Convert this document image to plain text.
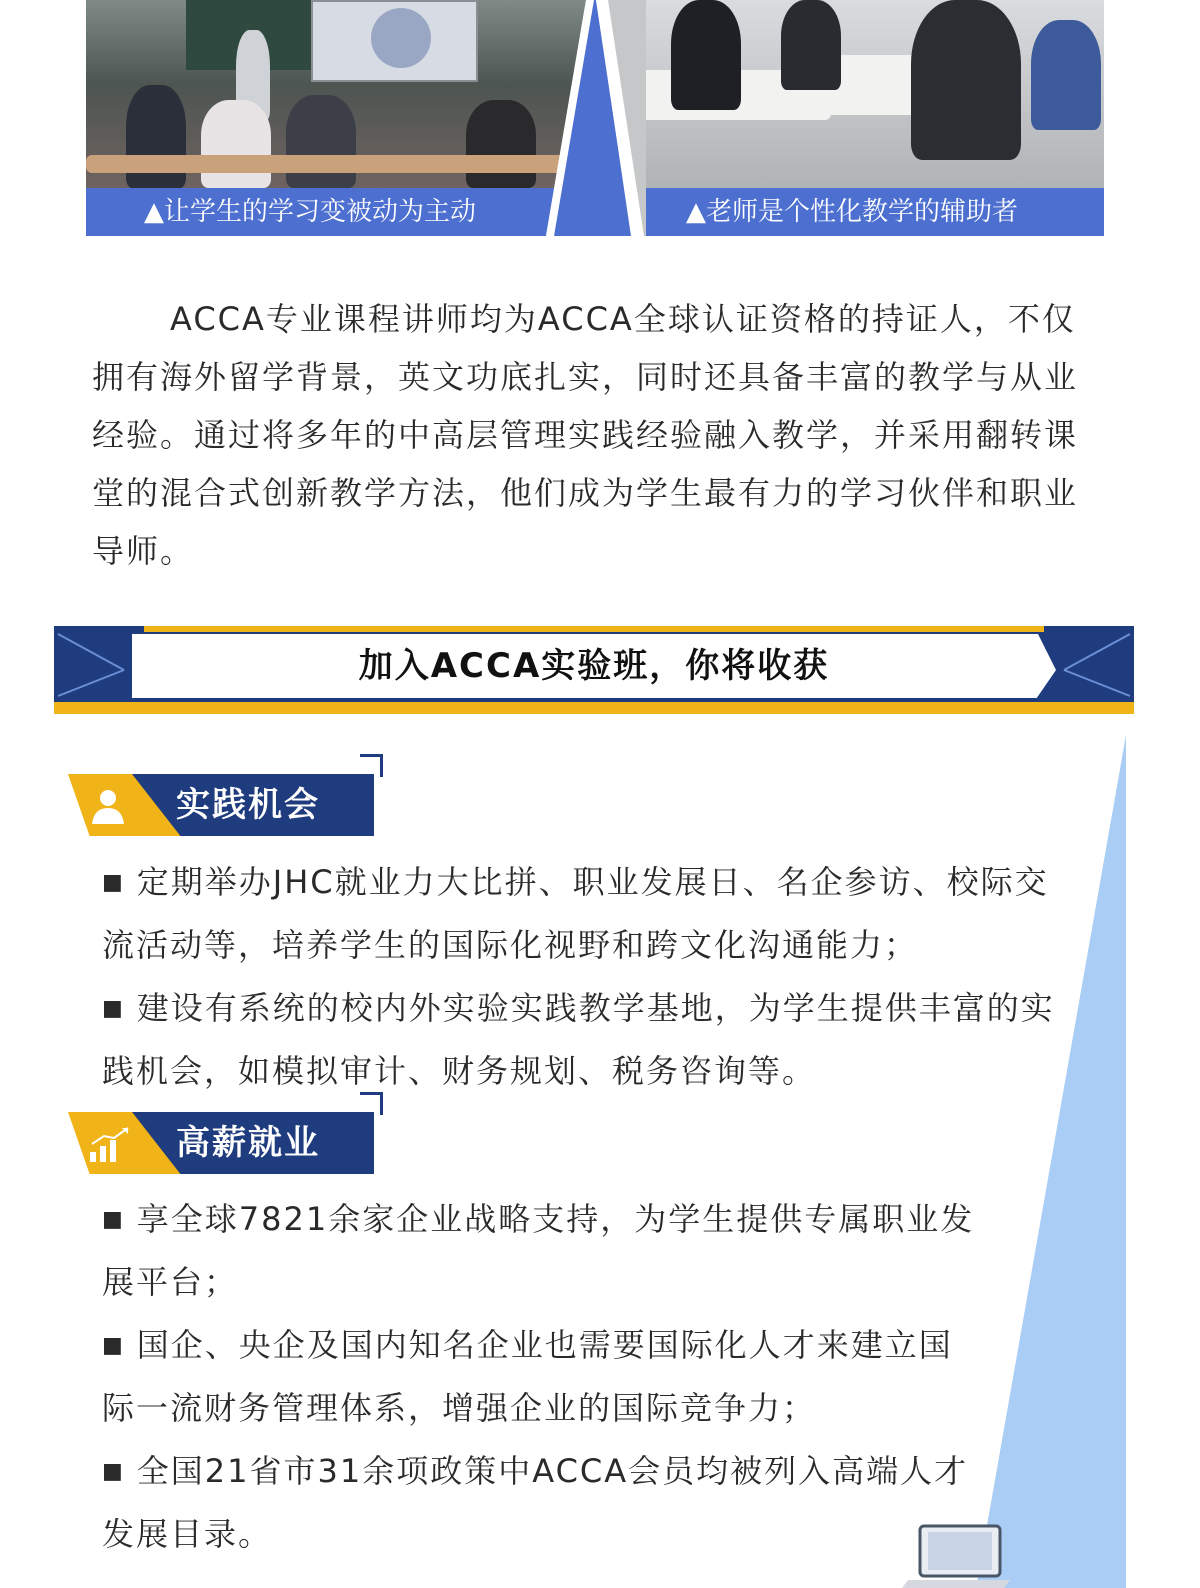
▲让学生的学习变被动为主动	▲老师是个性化教学的辅助者
ACCA专业课程讲师均为ACCA全球认证资格的持证人，不仅拥有海外留学背景，英文功底扎实，同时还具备丰富的教学与从业经验。通过将多年的中高层管理实践经验融入教学，并采用翻转课堂的混合式创新教学方法，他们成为学生最有力的学习伙伴和职业导师。
加入ACCA实验班，你将收获
实践机会
■ 定期举办JHC就业力大比拼、职业发展日、名企参访、校际交流活动等，培养学生的国际化视野和跨文化沟通能力；
■ 建设有系统的校内外实验实践教学基地，为学生提供丰富的实践机会，如模拟审计、财务规划、税务咨询等。
高薪就业
■ 享全球7821余家企业战略支持，为学生提供专属职业发展平台；
■ 国企、央企及国内知名企业也需要国际化人才来建立国际一流财务管理体系，增强企业的国际竞争力；
■ 全国21省市31余项政策中ACCA会员均被列入高端人才发展目录。
